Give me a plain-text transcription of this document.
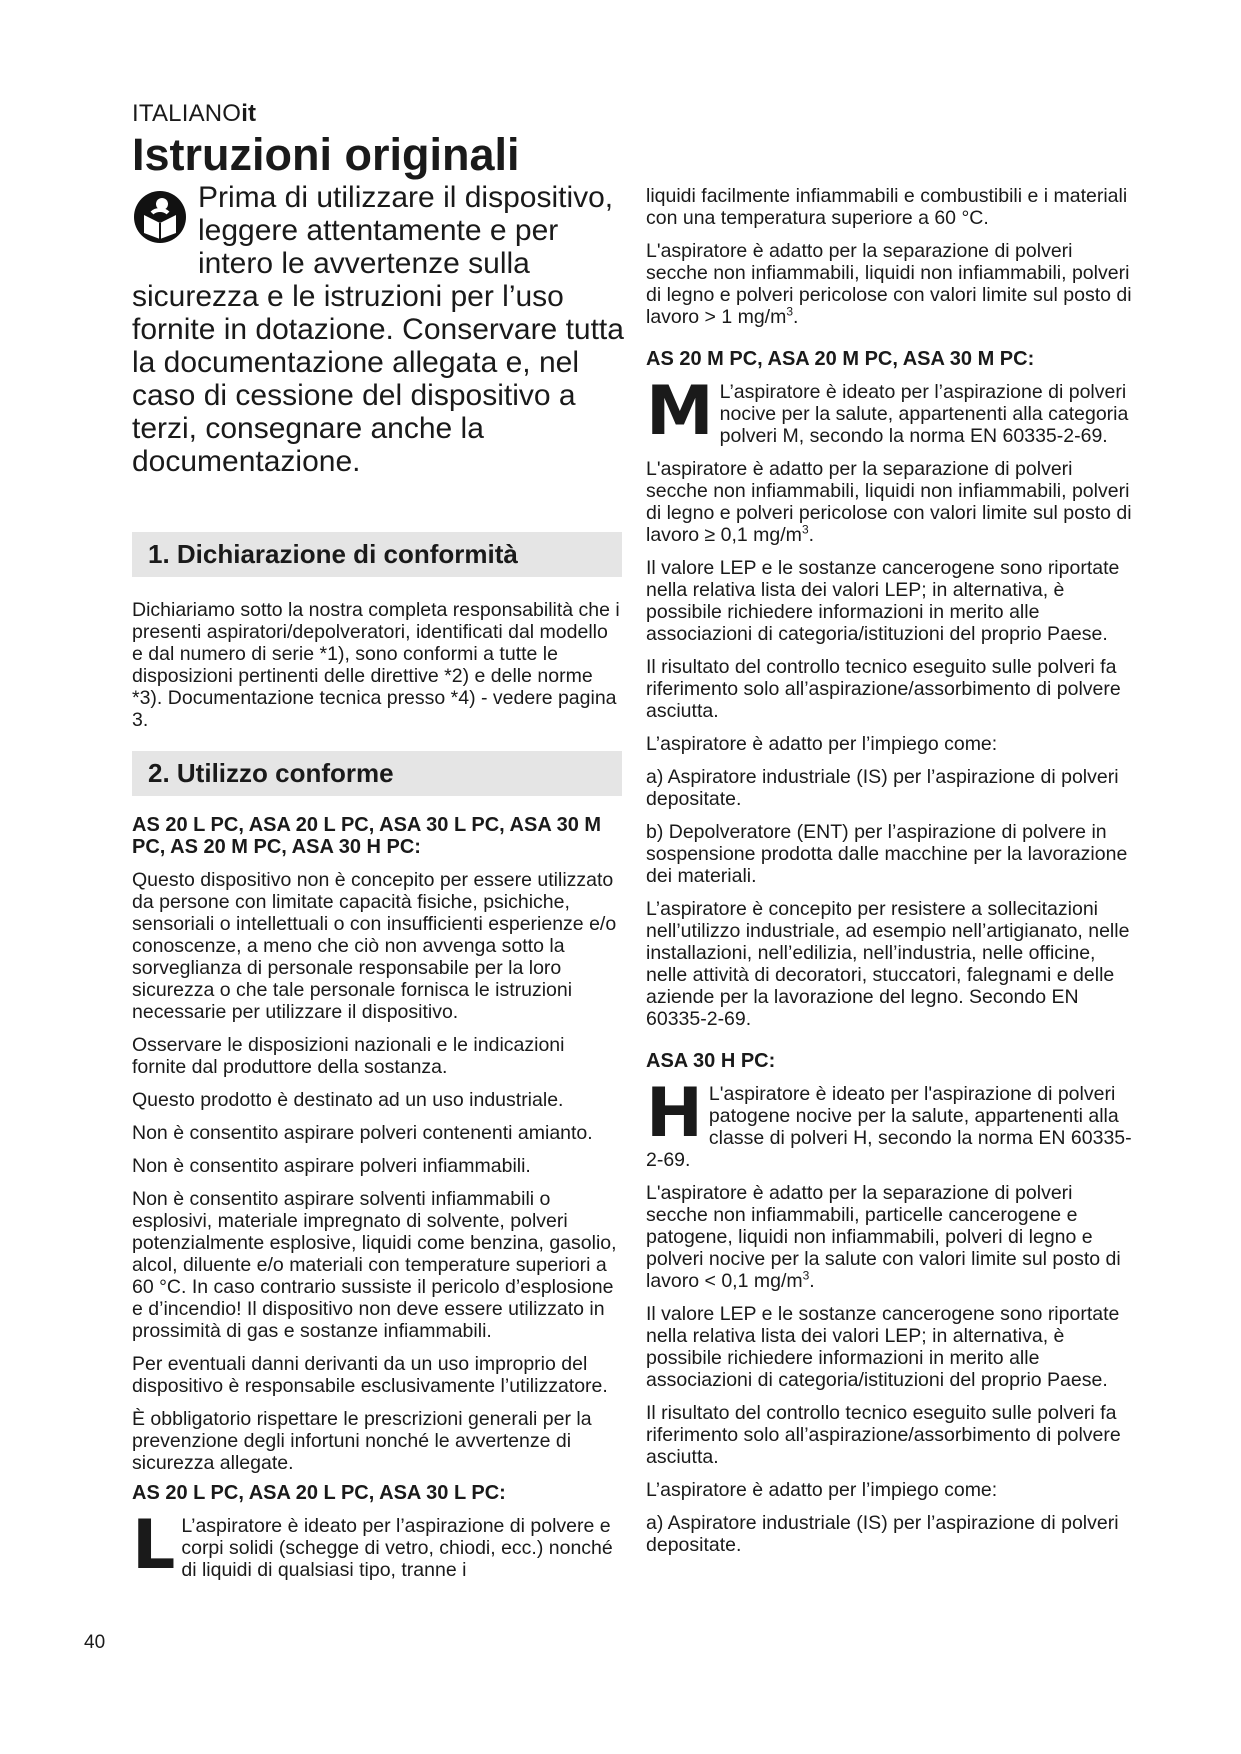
ITALIANOit
Istruzioni originali
Prima di utilizzare il dispositivo, leggere attentamente e per intero le avvertenze sulla sicurezza e le istruzioni per l’uso fornite in dotazione. Conservare tutta la documentazione allegata e, nel caso di cessione del dispositivo a terzi, consegnare anche la documentazione.
1. Dichiarazione di conformità

Dichiariamo sotto la nostra completa responsabilità che i presenti aspiratori/depolveratori, identificati dal modello e dal numero di serie *1), sono conformi a tutte le disposizioni pertinenti delle direttive *2) e delle norme *3). Documentazione tecnica presso *4) - vedere pagina 3.

2. Utilizzo conforme

AS 20 L PC, ASA 20 L PC, ASA 30 L PC, ASA 30 M PC, AS 20 M PC, ASA 30 H PC:

Questo dispositivo non è concepito per essere utilizzato da persone con limitate capacità fisiche, psichiche, sensoriali o intellettuali o con insufficienti esperienze e/o conoscenze, a meno che ciò non avvenga sotto la sorveglianza di personale responsabile per la loro sicurezza o che tale personale fornisca le istruzioni necessarie per utilizzare il dispositivo.

Osservare le disposizioni nazionali e le indicazioni fornite dal produttore della sostanza.

Questo prodotto è destinato ad un uso industriale.

Non è consentito aspirare polveri contenenti amianto.

Non è consentito aspirare polveri infiammabili.

Non è consentito aspirare solventi infiammabili o esplosivi, materiale impregnato di solvente, polveri potenzialmente esplosive, liquidi come benzina, gasolio, alcol, diluente e/o materiali con temperature superiori a 60 °C. In caso contrario sussiste il pericolo d’esplosione e d’incendio! Il dispositivo non deve essere utilizzato in prossimità di gas e sostanze infiammabili.

Per eventuali danni derivanti da un uso improprio del dispositivo è responsabile esclusivamente l’utilizzatore.

È obbligatorio rispettare le prescrizioni generali per la prevenzione degli infortuni nonché le avvertenze di sicurezza allegate.

AS 20 L PC, ASA 20 L PC, ASA 30 L PC:

L L’aspiratore è ideato per l’aspirazione di polvere e corpi solidi (schegge di vetro, chiodi, ecc.) nonché di liquidi di qualsiasi tipo, tranne i

liquidi facilmente infiammabili e combustibili e i materiali con una temperatura superiore a 60 °C.

L'aspiratore è adatto per la separazione di polveri secche non infiammabili, liquidi non infiammabili, polveri di legno e polveri pericolose con valori limite sul posto di lavoro > 1 $mg/m^3$.

AS 20 M PC, ASA 20 M PC, ASA 30 M PC:

M L’aspiratore è ideato per l’aspirazione di polveri nocive per la salute, appartenenti alla categoria polveri M, secondo la norma EN 60335-2-69.

L'aspiratore è adatto per la separazione di polveri secche non infiammabili, liquidi non infiammabili, polveri di legno e polveri pericolose con valori limite sul posto di lavoro ≥ 0,1 $mg/m^3$.

Il valore LEP e le sostanze cancerogene sono riportate nella relativa lista dei valori LEP; in alternativa, è possibile richiedere informazioni in merito alle associazioni di categoria/istituzioni del proprio Paese.

Il risultato del controllo tecnico eseguito sulle polveri fa riferimento solo all’aspirazione/assorbimento di polvere asciutta.

L’aspiratore è adatto per l’impiego come:

a) Aspiratore industriale (IS) per l’aspirazione di polveri depositate.

b) Depolveratore (ENT) per l’aspirazione di polvere in sospensione prodotta dalle macchine per la lavorazione dei materiali.

L’aspiratore è concepito per resistere a sollecitazioni nell’utilizzo industriale, ad esempio nell’artigianato, nelle installazioni, nell’edilizia, nell’industria, nelle officine, nelle attività di decoratori, stuccatori, falegnami e delle aziende per la lavorazione del legno. Secondo EN 60335-2-69.

ASA 30 H PC:

H L'aspiratore è ideato per l'aspirazione di polveri patogene nocive per la salute, appartenenti alla classe di polveri H, secondo la norma EN 60335-2-69.

L'aspiratore è adatto per la separazione di polveri secche non infiammabili, particelle cancerogene e patogene, liquidi non infiammabili, polveri di legno e polveri nocive per la salute con valori limite sul posto di lavoro < 0,1 $mg/m^3$.

Il valore LEP e le sostanze cancerogene sono riportate nella relativa lista dei valori LEP; in alternativa, è possibile richiedere informazioni in merito alle associazioni di categoria/istituzioni del proprio Paese.

Il risultato del controllo tecnico eseguito sulle polveri fa riferimento solo all’aspirazione/assorbimento di polvere asciutta.

L’aspiratore è adatto per l’impiego come:

a) Aspiratore industriale (IS) per l’aspirazione di polveri depositate.

40
